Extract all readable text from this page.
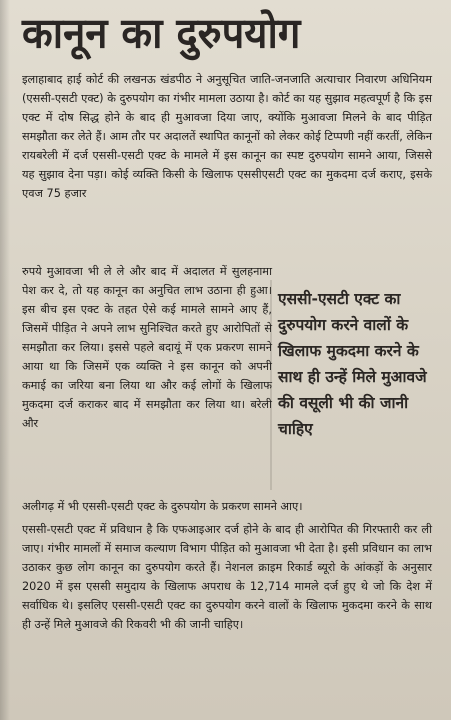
कानून का दुरुपयोग

इलाहाबाद हाई कोर्ट की लखनऊ खंडपीठ ने अनुसूचित जाति-जनजाति अत्याचार निवारण अधिनियम (एससी-एसटी एक्ट) के दुरुपयोग का गंभीर मामला उठाया है। कोर्ट का यह सुझाव महत्वपूर्ण है कि इस एक्ट में दोष सिद्ध होने के बाद ही मुआवजा दिया जाए, क्योंकि मुआवजा मिलने के बाद पीड़ित समझौता कर लेते हैं। आम तौर पर अदालतें स्थापित कानूनों को लेकर कोई टिप्पणी नहीं करतीं, लेकिन रायबरेली में दर्ज एससी-एसटी एक्ट के मामले में इस कानून का स्पष्ट दुरुपयोग सामने आया, जिससे यह सुझाव देना पड़ा। कोई व्यक्ति किसी के खिलाफ एससीएसटी एक्ट का मुकदमा दर्ज कराए, इसके एवज 75 हजार

रुपये मुआवजा भी ले ले और बाद में अदालत में सुलहनामा पेश कर दे, तो यह कानून का अनुचित लाभ उठाना ही हुआ। इस बीच इस एक्ट के तहत ऐसे कई मामले सामने आए हैं, जिसमें पीड़ित ने अपने लाभ सुनिश्चित करते हुए आरोपितों से समझौता कर लिया। इससे पहले बदायूं में एक प्रकरण सामने आया था कि जिसमें एक व्यक्ति ने इस कानून को अपनी कमाई का जरिया बना लिया था और कई लोगों के खिलाफ मुकदमा दर्ज कराकर बाद में समझौता कर लिया था। बरेली और

एससी-एसटी एक्ट का दुरुपयोग करने वालों के खिलाफ मुकदमा करने के साथ ही उन्हें मिले मुआवजे की वसूली भी की जानी चाहिए

अलीगढ़ में भी एससी-एसटी एक्ट के दुरुपयोग के प्रकरण सामने आए।

एससी-एसटी एक्ट में प्रविधान है कि एफआइआर दर्ज होने के बाद ही आरोपित की गिरफ्तारी कर ली जाए। गंभीर मामलों में समाज कल्याण विभाग पीड़ित को मुआवजा भी देता है। इसी प्रविधान का लाभ उठाकर कुछ लोग कानून का दुरुपयोग करते हैं। नेशनल क्राइम रिकार्ड ब्यूरो के आंकड़ों के अनुसार 2020 में इस एससी समुदाय के खिलाफ अपराध के 12,714 मामले दर्ज हुए थे जो कि देश में सर्वाधिक थे। इसलिए एससी-एसटी एक्ट का दुरुपयोग करने वालों के खिलाफ मुकदमा करने के साथ ही उन्हें मिले मुआवजे की रिकवरी भी की जानी चाहिए।
